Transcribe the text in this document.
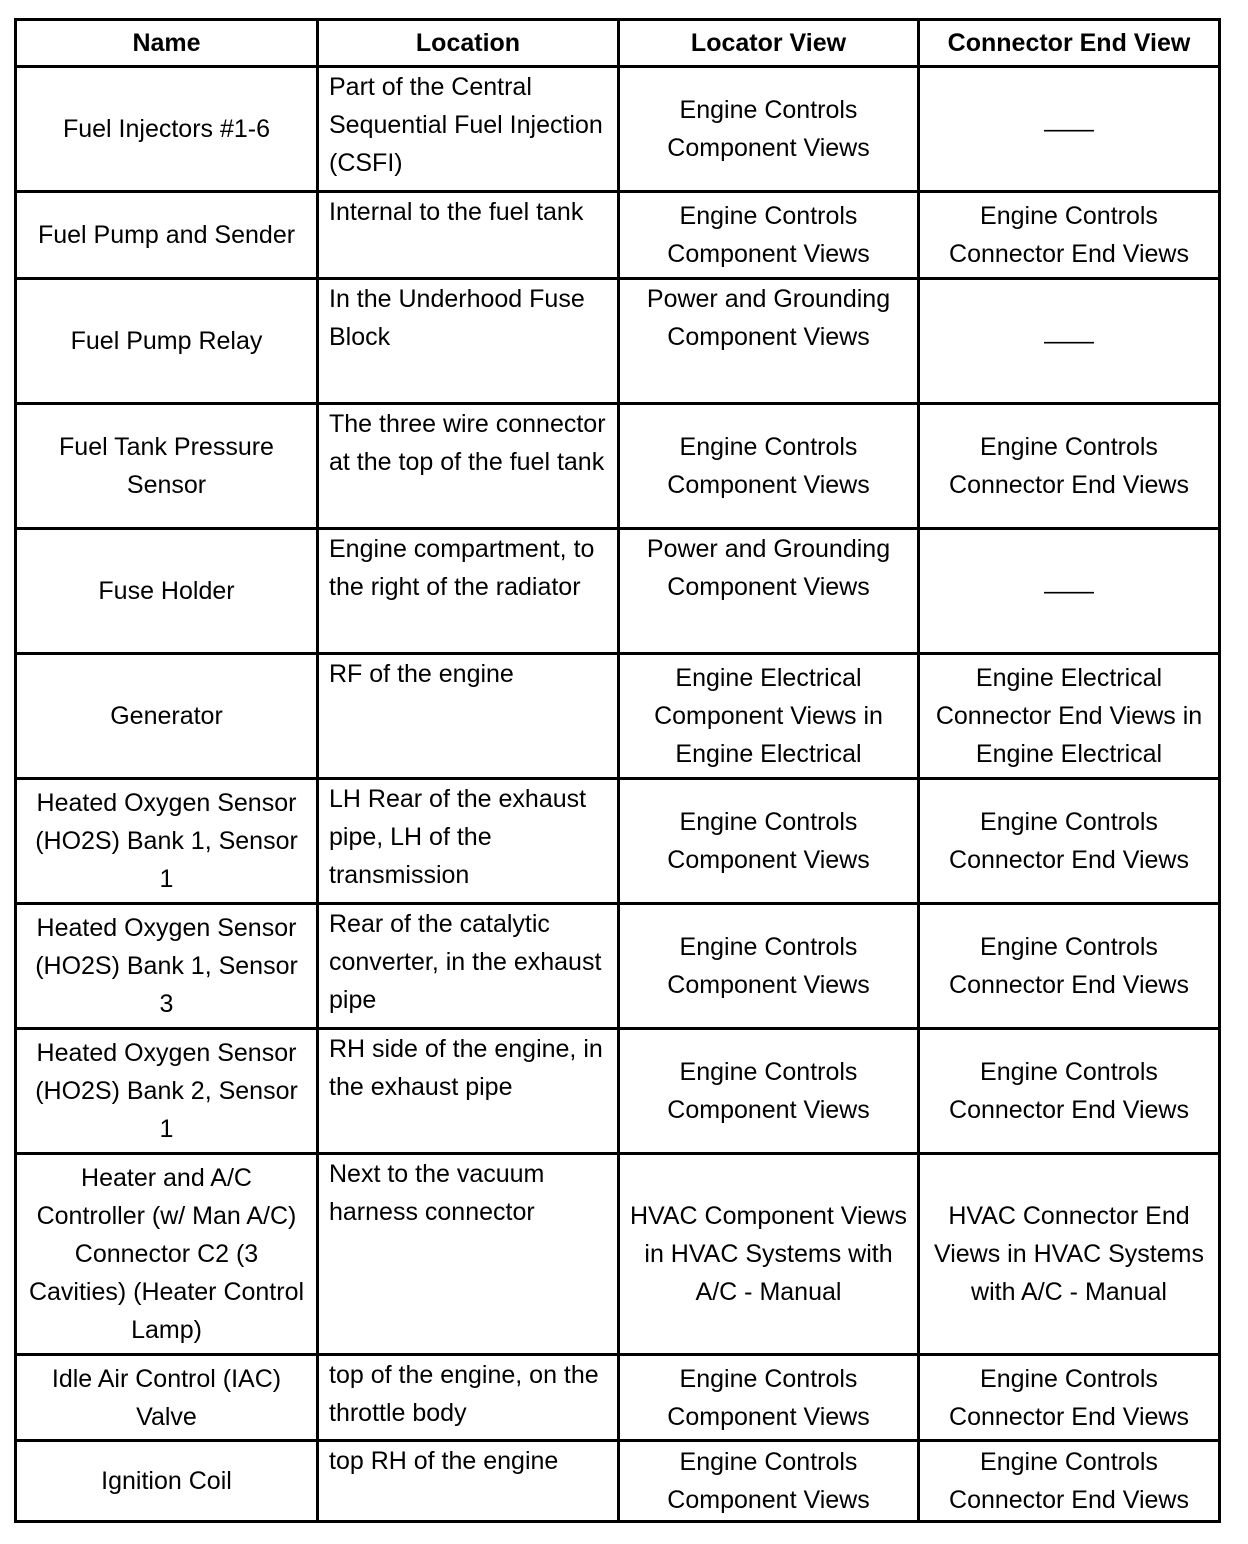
Name	Location	Locator View	Connector End View
Fuel Injectors #1-6	Part of the Central Sequential Fuel Injection (CSFI)	Engine Controls Component Views	——
Fuel Pump and Sender	Internal to the fuel tank	Engine Controls Component Views	Engine Controls Connector End Views
Fuel Pump Relay	In the Underhood Fuse Block	Power and Grounding Component Views	——
Fuel Tank Pressure Sensor	The three wire connector at the top of the fuel tank	Engine Controls Component Views	Engine Controls Connector End Views
Fuse Holder	Engine compartment, to the right of the radiator	Power and Grounding Component Views	——
Generator	RF of the engine	Engine Electrical Component Views in Engine Electrical	Engine Electrical Connector End Views in Engine Electrical
Heated Oxygen Sensor (HO2S) Bank 1, Sensor 1	LH Rear of the exhaust pipe, LH of the transmission	Engine Controls Component Views	Engine Controls Connector End Views
Heated Oxygen Sensor (HO2S) Bank 1, Sensor 3	Rear of the catalytic converter, in the exhaust pipe	Engine Controls Component Views	Engine Controls Connector End Views
Heated Oxygen Sensor (HO2S) Bank 2, Sensor 1	RH side of the engine, in the exhaust pipe	Engine Controls Component Views	Engine Controls Connector End Views
Heater and A/C Controller (w/ Man A/C) Connector C2 (3 Cavities) (Heater Control Lamp)	Next to the vacuum harness connector	HVAC Component Views in HVAC Systems with A/C - Manual	HVAC Connector End Views in HVAC Systems with A/C - Manual
Idle Air Control (IAC) Valve	top of the engine, on the throttle body	Engine Controls Component Views	Engine Controls Connector End Views
Ignition Coil	top RH of the engine	Engine Controls Component Views	Engine Controls Connector End Views
